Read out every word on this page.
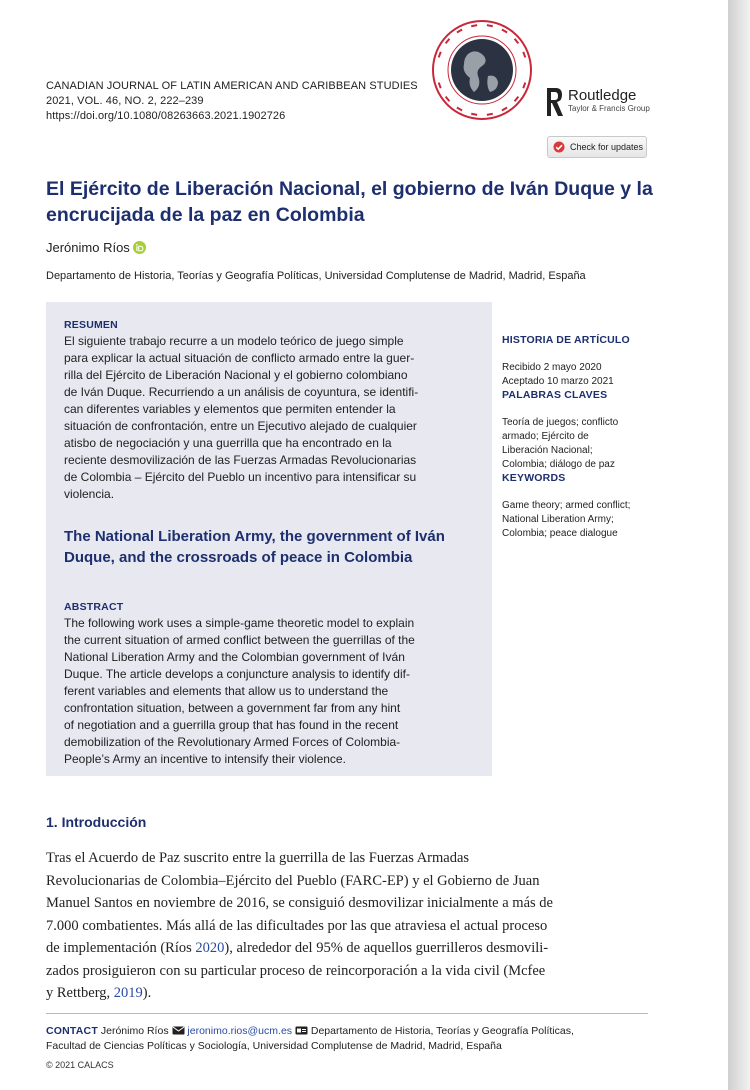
CANADIAN JOURNAL OF LATIN AMERICAN AND CARIBBEAN STUDIES
2021, VOL. 46, NO. 2, 222–239
https://doi.org/10.1080/08263663.2021.1902726
Routledge
Taylor & Francis Group
Check for updates
El Ejército de Liberación Nacional, el gobierno de Iván Duque y la encrucijada de la paz en Colombia
Jerónimo Ríos
Departamento de Historia, Teorías y Geografía Políticas, Universidad Complutense de Madrid, Madrid, España
RESUMEN
El siguiente trabajo recurre a un modelo teórico de juego simple
para explicar la actual situación de conflicto armado entre la guer-
rilla del Ejército de Liberación Nacional y el gobierno colombiano
de Iván Duque. Recurriendo a un análisis de coyuntura, se identifi-
can diferentes variables y elementos que permiten entender la
situación de confrontación, entre un Ejecutivo alejado de cualquier
atisbo de negociación y una guerrilla que ha encontrado en la
reciente desmovilización de las Fuerzas Armadas Revolucionarias
de Colombia – Ejército del Pueblo un incentivo para intensificar su
violencia.
The National Liberation Army, the government of Iván Duque, and the crossroads of peace in Colombia
ABSTRACT
The following work uses a simple-game theoretic model to explain
the current situation of armed conflict between the guerrillas of the
National Liberation Army and the Colombian government of Iván
Duque. The article develops a conjuncture analysis to identify dif-
ferent variables and elements that allow us to understand the
confrontation situation, between a government far from any hint
of negotiation and a guerrilla group that has found in the recent
demobilization of the Revolutionary Armed Forces of Colombia-
People’s Army an incentive to intensify their violence.

HISTORIA DE ARTÍCULO

Recibido 2 mayo 2020
Aceptado 10 marzo 2021

PALABRAS CLAVES

Teoría de juegos; conflicto
armado; Ejército de
Liberación Nacional;
Colombia; diálogo de paz

KEYWORDS

Game theory; armed conflict;
National Liberation Army;
Colombia; peace dialogue

1. Introducción
Tras el Acuerdo de Paz suscrito entre la guerrilla de las Fuerzas Armadas
Revolucionarias de Colombia–Ejército del Pueblo (FARC-EP) y el Gobierno de Juan
Manuel Santos en noviembre de 2016, se consiguió desmovilizar inicialmente a más de
7.000 combatientes. Más allá de las dificultades por las que atraviesa el actual proceso
de implementación (Ríos 2020), alrededor del 95% de aquellos guerrilleros desmovili-
zados prosiguieron con su particular proceso de reincorporación a la vida civil (Mcfee
y Rettberg, 2019).
CONTACT Jerónimo Ríos jeronimo.rios@ucm.es Departamento de Historia, Teorías y Geografía Políticas,
Facultad de Ciencias Políticas y Sociología, Universidad Complutense de Madrid, Madrid, España
© 2021 CALACS
